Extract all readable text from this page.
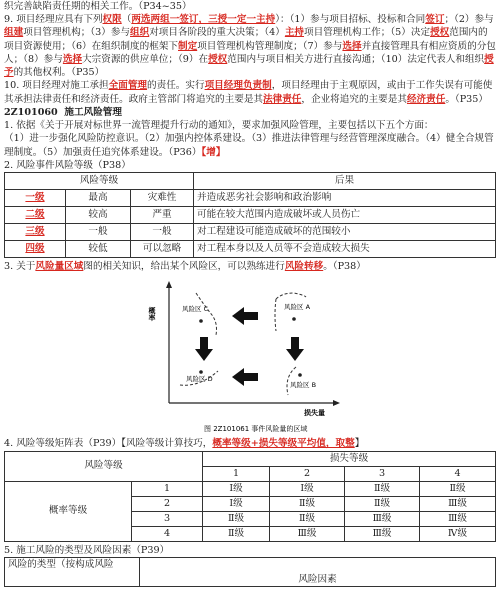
织完善缺陷责任期的相关工作。（P34~35）

9. 项目经理应具有下列权限（两选两组一签订，三授一定一主持）：（1）参与项目招标、投标和合同签订；（2）参与组建项目管理机构；（3）参与组织对项目各阶段的重大决策；（4）主持项目管理机构工作；（5）决定授权范围内的项目资源使用；（6）在组织制度的框架下制定项目管理机构管理制度；（7）参与选择并直接管理具有相应资质的分包人；（8）参与选择大宗资源的供应单位；（9）在授权范围内与项目相关方进行直接沟通；（10）法定代表人和组织授予的其他权利。（P35）

10. 项目经理对施工承担全面管理的责任。实行项目经理负责制，项目经理由于主观原因，或由于工作失误有可能使其承担法律责任和经济责任。政府主管部门将追究的主要是其法律责任，企业将追究的主要是其经济责任。（P35）

2Z101060 施工风险管理

1. 依据《关于开展对标世界一流管理提升行动的通知》，要求加强风险管理，主要包括以下五个方面：

（1）进一步强化风险防控意识。（2）加强内控体系建设。（3）推进法律管理与经营管理深度融合。（4）健全合规管理制度。（5）加强责任追究体系建设。（P36）【增】

2. 风险事件风险等级（P38）

风险等级			后果
一级	最高	灾难性	并造成恶劣社会影响和政治影响
二级	较高	严重	可能在较大范围内造成破坏或人员伤亡
三级	一般	一般	对工程建设可能造成破坏的范围较小
四级	较低	可以忽略	对工程本身以及人员等不会造成较大损失

3. 关于风险量区域图的相关知识，给出某个风险区，可以熟练进行风险转移。（P38）

概率
损失量
风险区 C	风险区 A
风险区 D
风险区 B
图 2Z101061 事件风险量的区域

4. 风险等级矩阵表（P39）【风险等级计算技巧，概率等级+损失等级平均值，取整】

风险等级		损失等级			
		1	2	3	4
概率等级	1	Ⅰ级	Ⅰ级	Ⅱ级	Ⅱ级
	2	Ⅰ级	Ⅱ级	Ⅱ级	Ⅲ级
	3	Ⅱ级	Ⅱ级	Ⅲ级	Ⅲ级
	4	Ⅱ级	Ⅲ级	Ⅲ级	Ⅳ级

5. 施工风险的类型及风险因素（P39）

风险的类型（按构成风险	风险因素
